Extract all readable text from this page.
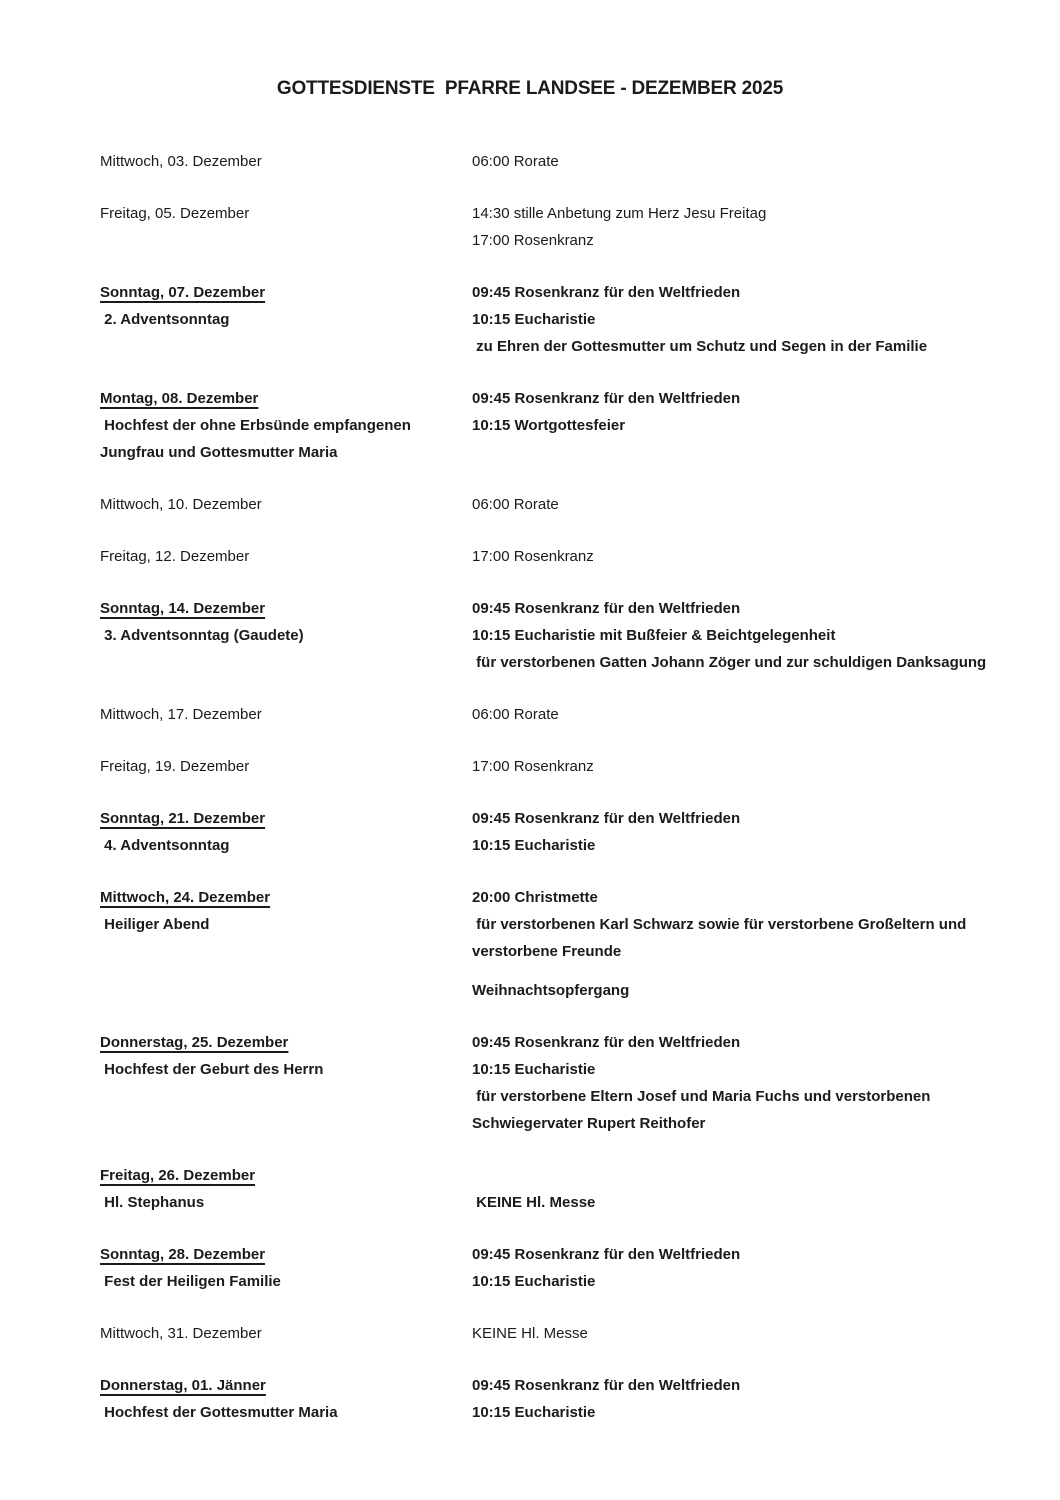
GOTTESDIENSTE  PFARRE LANDSEE - DEZEMBER 2025
Mittwoch, 03. Dezember	06:00 Rorate
Freitag, 05. Dezember	14:30 stille Anbetung zum Herz Jesu Freitag
17:00 Rosenkranz
Sonntag, 07. Dezember	09:45 Rosenkranz für den Weltfrieden
2. Adventsonntag	10:15 Eucharistie
zu Ehren der Gottesmutter um Schutz und Segen in der Familie
Montag, 08. Dezember	09:45 Rosenkranz für den Weltfrieden
Hochfest der ohne Erbsünde empfangenen	10:15 Wortgottesfeier
Jungfrau und Gottesmutter Maria
Mittwoch, 10. Dezember	06:00 Rorate
Freitag, 12. Dezember	17:00 Rosenkranz
Sonntag, 14. Dezember	09:45 Rosenkranz für den Weltfrieden
3. Adventsonntag (Gaudete)	10:15 Eucharistie mit Bußfeier & Beichtgelegenheit
für verstorbenen Gatten Johann Zöger und zur schuldigen Danksagung
Mittwoch, 17. Dezember	06:00 Rorate
Freitag, 19. Dezember	17:00 Rosenkranz
Sonntag, 21. Dezember	09:45 Rosenkranz für den Weltfrieden
4. Adventsonntag	10:15 Eucharistie
Mittwoch, 24. Dezember	20:00 Christmette
Heiliger Abend	für verstorbenen Karl Schwarz sowie für verstorbene Großeltern und
verstorbene Freunde
Weihnachtsopfergang
Donnerstag, 25. Dezember	09:45 Rosenkranz für den Weltfrieden
Hochfest der Geburt des Herrn	10:15 Eucharistie
für verstorbene Eltern Josef und Maria Fuchs und verstorbenen
Schwiegervater Rupert Reithofer
Freitag, 26. Dezember
Hl. Stephanus	KEINE Hl. Messe
Sonntag, 28. Dezember	09:45 Rosenkranz für den Weltfrieden
Fest der Heiligen Familie	10:15 Eucharistie
Mittwoch, 31. Dezember	KEINE Hl. Messe
Donnerstag, 01. Jänner	09:45 Rosenkranz für den Weltfrieden
Hochfest der Gottesmutter Maria	10:15 Eucharistie
